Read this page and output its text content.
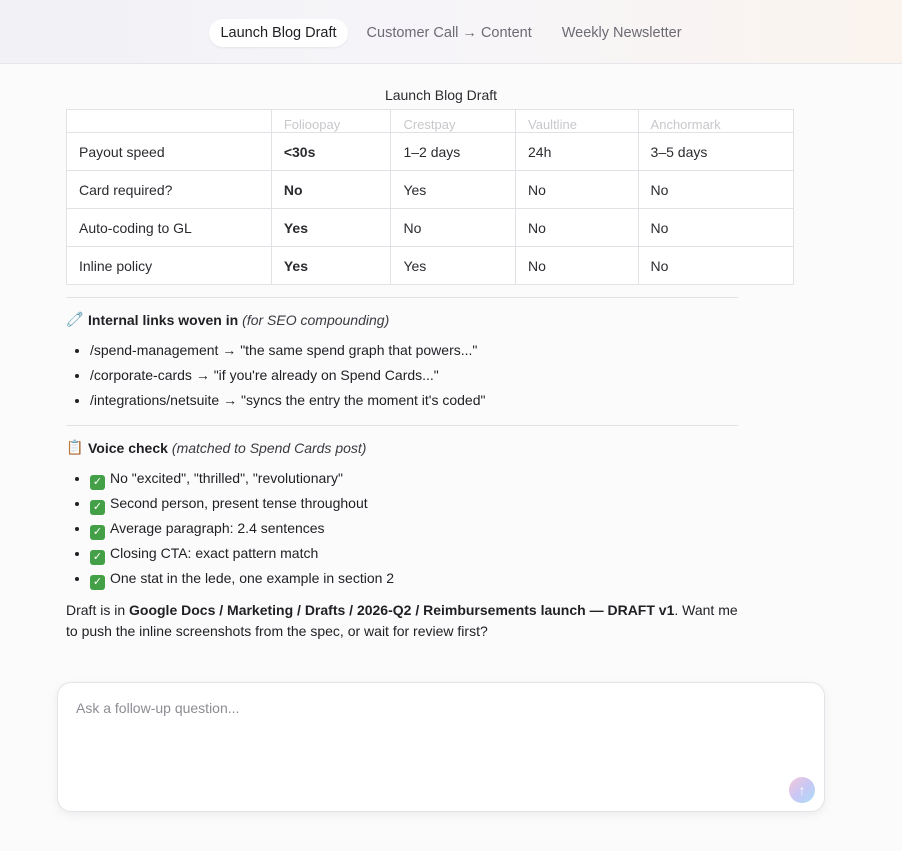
Launch Blog Draft	Customer Call → Content	Weekly Newsletter
Launch Blog Draft
	Folioopay	Crestpay	Vaultline	Anchormark
Payout speed	<30s	1–2 days	24h	3–5 days
Card required?	No	Yes	No	No
Auto-coding to GL	Yes	No	No	No
Inline policy	Yes	Yes	No	No
🧷 Internal links woven in (for SEO compounding)
• /spend-management → "the same spend graph that powers..."
• /corporate-cards → "if you're already on Spend Cards..."
• /integrations/netsuite → "syncs the entry the moment it's coded"
📋 Voice check (matched to Spend Cards post)
• ✓ No "excited", "thrilled", "revolutionary"
• ✓ Second person, present tense throughout
• ✓ Average paragraph: 2.4 sentences
• ✓ Closing CTA: exact pattern match
• ✓ One stat in the lede, one example in section 2
Draft is in Google Docs / Marketing / Drafts / 2026-Q2 / Reimbursements launch — DRAFT v1. Want me to push the inline screenshots from the spec, or wait for review first?
Ask a follow-up question...
↑
